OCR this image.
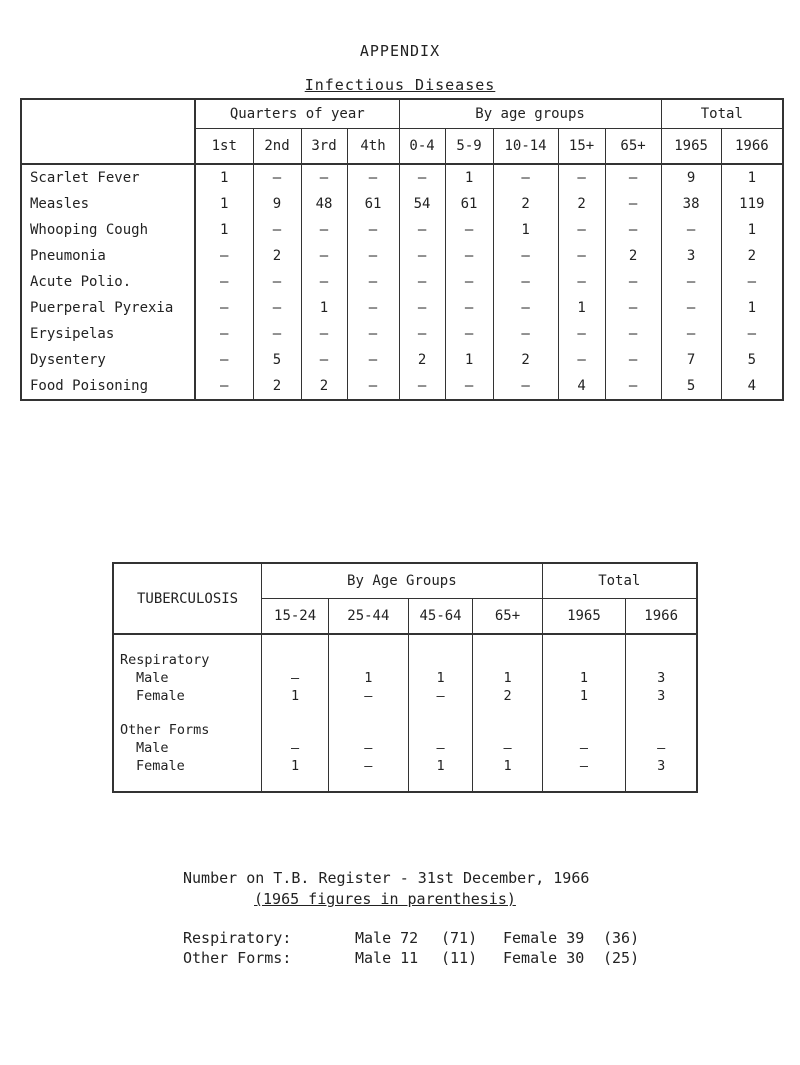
APPENDIX
Infectious Diseases
	Quarters of year				By age groups					Total	
	1st	2nd	3rd	4th	0-4	5-9	10-14	15+	65+	1965	1966
Scarlet Fever	1	–	–	–	–	1	–	–	–	9	1
Measles	1	9	48	61	54	61	2	2	–	38	119
Whooping Cough	1	–	–	–	–	–	1	–	–	–	1
Pneumonia	–	2	–	–	–	–	–	–	2	3	2
Acute Polio.	–	–	–	–	–	–	–	–	–	–	–
Puerperal Pyrexia	–	–	1	–	–	–	–	1	–	–	1
Erysipelas	–	–	–	–	–	–	–	–	–	–	–
Dysentery	–	5	–	–	2	1	2	–	–	7	5
Food Poisoning	–	2	2	–	–	–	–	4	–	5	4
TUBERCULOSIS	By Age Groups				Total	
	15-24	25-44	45-64	65+	1965	1966

Respiratory						
Male	–	1	1	1	1	3
Female	1	–	–	2	1	3

Other Forms						
Male	–	–	–	–	–	–
Female	1	–	1	1	–	3

Number on T.B. Register - 31st December, 1966
(1965 figures in parenthesis)
Respiratory:	Male 72 (71) Female 39 (36)
Other Forms:	Male 11 (11) Female 30 (25)
